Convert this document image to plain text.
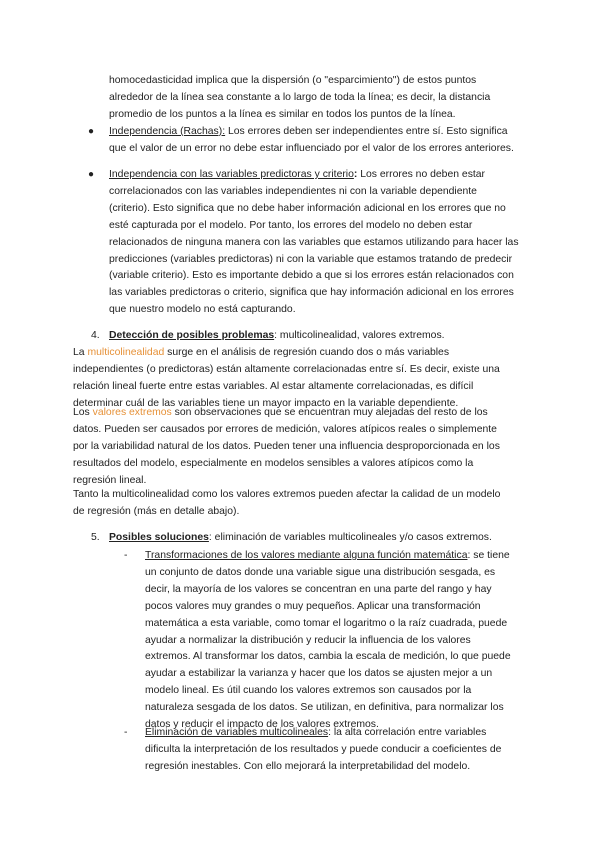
homocedasticidad implica que la dispersión (o "esparcimiento") de estos puntos alrededor de la línea sea constante a lo largo de toda la línea; es decir, la distancia promedio de los puntos a la línea es similar en todos los puntos de la línea.

● Independencia (Rachas): Los errores deben ser independientes entre sí. Esto significa que el valor de un error no debe estar influenciado por el valor de los errores anteriores.
● Independencia con las variables predictoras y criterio: Los errores no deben estar correlacionados con las variables independientes ni con la variable dependiente (criterio). Esto significa que no debe haber información adicional en los errores que no esté capturada por el modelo. Por tanto, los errores del modelo no deben estar relacionados de ninguna manera con las variables que estamos utilizando para hacer las predicciones (variables predictoras) ni con la variable que estamos tratando de predecir (variable criterio). Esto es importante debido a que si los errores están relacionados con las variables predictoras o criterio, significa que hay información adicional en los errores que nuestro modelo no está capturando.
4. Detección de posibles problemas: multicolinealidad, valores extremos.

La multicolinealidad surge en el análisis de regresión cuando dos o más variables independientes (o predictoras) están altamente correlacionadas entre sí. Es decir, existe una relación lineal fuerte entre estas variables. Al estar altamente correlacionadas, es difícil determinar cuál de las variables tiene un mayor impacto en la variable dependiente.

Los valores extremos son observaciones que se encuentran muy alejadas del resto de los datos. Pueden ser causados por errores de medición, valores atípicos reales o simplemente por la variabilidad natural de los datos. Pueden tener una influencia desproporcionada en los resultados del modelo, especialmente en modelos sensibles a valores atípicos como la regresión lineal.

Tanto la multicolinealidad como los valores extremos pueden afectar la calidad de un modelo de regresión (más en detalle abajo).

5. Posibles soluciones: eliminación de variables multicolineales y/o casos extremos.
- Transformaciones de los valores mediante alguna función matemática: se tiene un conjunto de datos donde una variable sigue una distribución sesgada, es decir, la mayoría de los valores se concentran en una parte del rango y hay pocos valores muy grandes o muy pequeños. Aplicar una transformación matemática a esta variable, como tomar el logaritmo o la raíz cuadrada, puede ayudar a normalizar la distribución y reducir la influencia de los valores extremos. Al transformar los datos, cambia la escala de medición, lo que puede ayudar a estabilizar la varianza y hacer que los datos se ajusten mejor a un modelo lineal. Es útil cuando los valores extremos son causados por la naturaleza sesgada de los datos. Se utilizan, en definitiva, para normalizar los datos y reducir el impacto de los valores extremos.
- Eliminación de variables multicolineales: la alta correlación entre variables dificulta la interpretación de los resultados y puede conducir a coeficientes de regresión inestables. Con ello mejorará la interpretabilidad del modelo.
